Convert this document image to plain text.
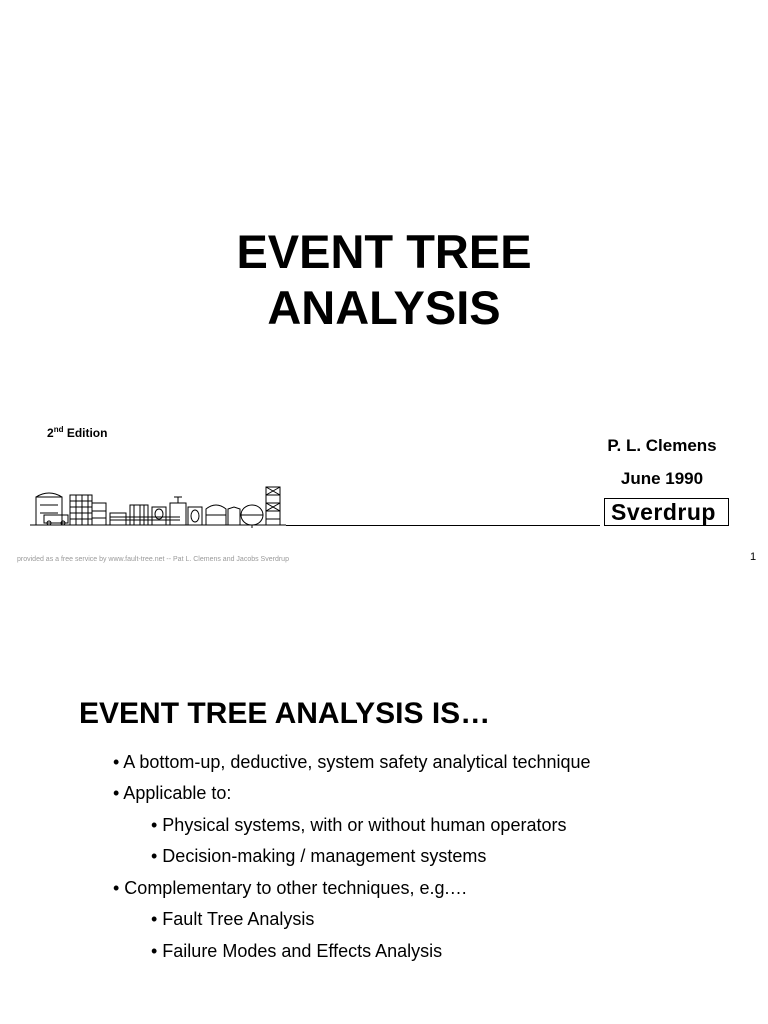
EVENT TREE
ANALYSIS
2nd Edition
P. L. Clemens
June 1990
Sverdrup
provided as a free service by www.fault-tree.net -- Pat L. Clemens and Jacobs Sverdrup	1
EVENT TREE ANALYSIS IS…
• A bottom-up, deductive, system safety analytical technique
• Applicable to:
• Physical systems, with or without human operators
• Decision-making / management systems
• Complementary to other techniques, e.g.…
• Fault Tree Analysis
• Failure Modes and Effects Analysis
